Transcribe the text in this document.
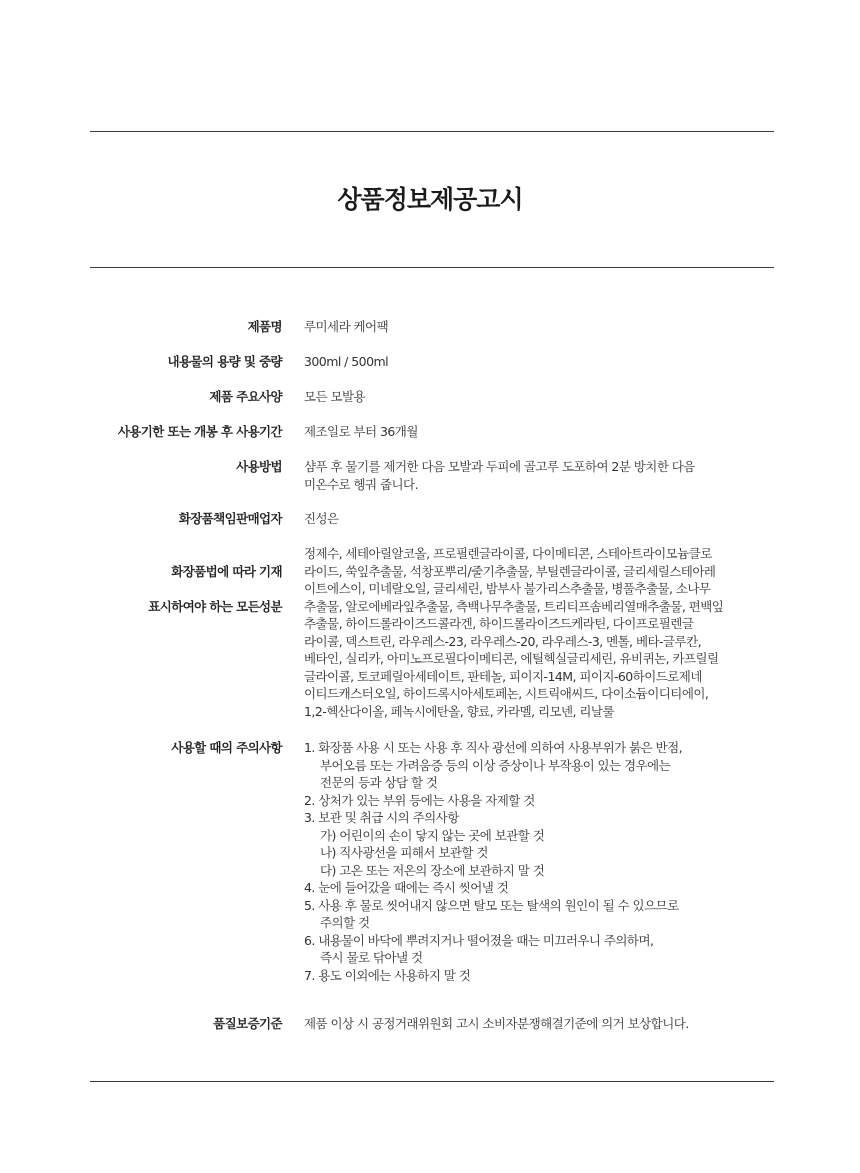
상품정보제공고시
제품명 루미세라 케어팩
내용물의 용량 및 중량 300ml / 500ml
제품 주요사양 모든 모발용
사용기한 또는 개봉 후 사용기간 제조일로 부터 36개월
사용방법 샴푸 후 물기를 제거한 다음 모발과 두피에 골고루 도포하여 2분 방치한 다음
미온수로 헹궈 줍니다.
화장품책임판매업자 진성은

화장품법에 따라 기재

표시하여야 하는 모든성분

정제수, 세테아릴알코올, 프로필렌글라이콜, 다이메티콘, 스테아트라이모늄클로
라이드, 쑥잎추출물, 석창포뿌리/줄기추출물, 부틸렌글라이콜, 글리세릴스테아레
이트에스이, 미네랄오일, 글리세린, 밤부사 불가리스추출물, 병풀추출물, 소나무
추출물, 알로에베라잎추출물, 측백나무추출물, 트리티프솜베리열매추출물, 편백잎
추출물, 하이드롤라이즈드콜라겐, 하이드롤라이즈드케라틴, 다이프로필렌글
라이콜, 덱스트린, 라우레스-23, 라우레스-20, 라우레스-3, 멘톨, 베타-글루칸,
베타인, 실리카, 아미노프로필다이메티콘, 에틸헥실글리세린, 유비퀴논, 카프릴릴
글라이콜, 토코페릴아세테이트, 판테놀, 피이지-14M, 피이지-60하이드로제네
이티드캐스터오일, 하이드록시아세토페논, 시트릭애씨드, 다이소듐이디티에이,
1,2-헥산다이올, 페녹시에탄올, 향료, 카라멜, 리모넨, 리날룰
사용할 때의 주의사항 1. 화장품 사용 시 또는 사용 후 직사 광선에 의하여 사용부위가 붉은 반점,
부어오름 또는 가려움증 등의 이상 증상이나 부작용이 있는 경우에는
전문의 등과 상담 할 것
2. 상처가 있는 부위 등에는 사용을 자제할 것
3. 보관 및 취급 시의 주의사항
가) 어린이의 손이 닿지 않는 곳에 보관할 것
나) 직사광선을 피해서 보관할 것
다) 고온 또는 저온의 장소에 보관하지 말 것
4. 눈에 들어갔을 때에는 즉시 씻어낼 것
5. 사용 후 물로 씻어내지 않으면 탈모 또는 탈색의 원인이 될 수 있으므로
주의할 것
6. 내용물이 바닥에 뿌려지거나 떨어졌을 때는 미끄러우니 주의하며,
즉시 물로 닦아낼 것
7. 용도 이외에는 사용하지 말 것
품질보증기준 제품 이상 시 공정거래위원회 고시 소비자분쟁해결기준에 의거 보상합니다.
